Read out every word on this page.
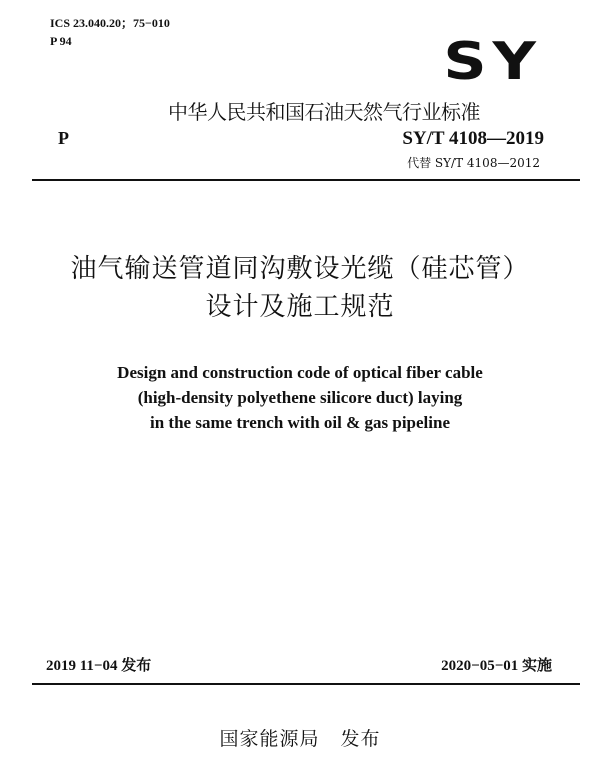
ICS 23.040.20；75−010
P 94	SY
中华人民共和国石油天然气行业标准
P	SY/T 4108—2019
代替 SY/T 4108—2012
油气输送管道同沟敷设光缆（硅芯管）
设计及施工规范
Design and construction code of optical fiber cable
(high-density polyethene silicore duct) laying
in the same trench with oil & gas pipeline
2019 11−04 发布	2020−05−01 实施
国家能源局   发布
